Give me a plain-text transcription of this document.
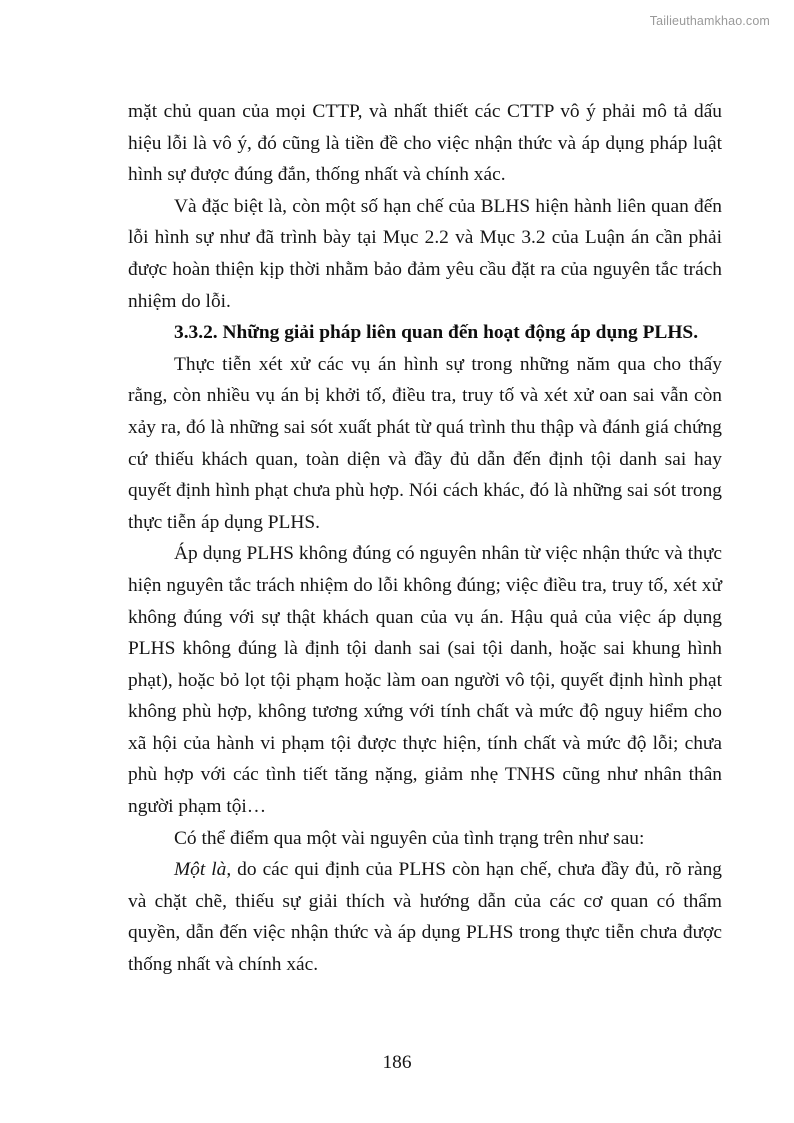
Tailieuthamkhao.com

mặt chủ quan của mọi CTTP, và nhất thiết các CTTP vô ý phải mô tả dấu hiệu lỗi là vô ý, đó cũng là tiền đề cho việc nhận thức và áp dụng pháp luật hình sự được đúng đắn, thống nhất và chính xác.

Và đặc biệt là, còn một số hạn chế của BLHS hiện hành liên quan đến lỗi hình sự như đã trình bày tại Mục 2.2 và Mục 3.2 của Luận án cần phải được hoàn thiện kịp thời nhằm bảo đảm yêu cầu đặt ra của nguyên tắc trách nhiệm do lỗi.

3.3.2. Những giải pháp liên quan đến hoạt động áp dụng PLHS.

Thực tiễn xét xử các vụ án hình sự trong những năm qua cho thấy rằng, còn nhiều vụ án bị khởi tố, điều tra, truy tố và xét xử oan sai vẫn còn xảy ra, đó là những sai sót xuất phát từ quá trình thu thập và đánh giá chứng cứ thiếu khách quan, toàn diện và đầy đủ dẫn đến định tội danh sai hay quyết định hình phạt chưa phù hợp. Nói cách khác, đó là những sai sót trong thực tiễn áp dụng PLHS.

Áp dụng PLHS không đúng có nguyên nhân từ việc nhận thức và thực hiện nguyên tắc trách nhiệm do lỗi không đúng; việc điều tra, truy tố, xét xử không đúng với sự thật khách quan của vụ án. Hậu quả của việc áp dụng PLHS không đúng là định tội danh sai (sai tội danh, hoặc sai khung hình phạt), hoặc bỏ lọt tội phạm hoặc làm oan người vô tội, quyết định hình phạt không phù hợp, không tương xứng với tính chất và mức độ nguy hiểm cho xã hội của hành vi phạm tội được thực hiện, tính chất và mức độ lỗi; chưa phù hợp với các tình tiết tăng nặng, giảm nhẹ TNHS cũng như nhân thân người phạm tội…

Có thể điểm qua một vài nguyên của tình trạng trên như sau:

Một là, do các qui định của PLHS còn hạn chế, chưa đầy đủ, rõ ràng và chặt chẽ, thiếu sự giải thích và hướng dẫn của các cơ quan có thẩm quyền, dẫn đến việc nhận thức và áp dụng PLHS trong thực tiễn chưa được thống nhất và chính xác.

186
